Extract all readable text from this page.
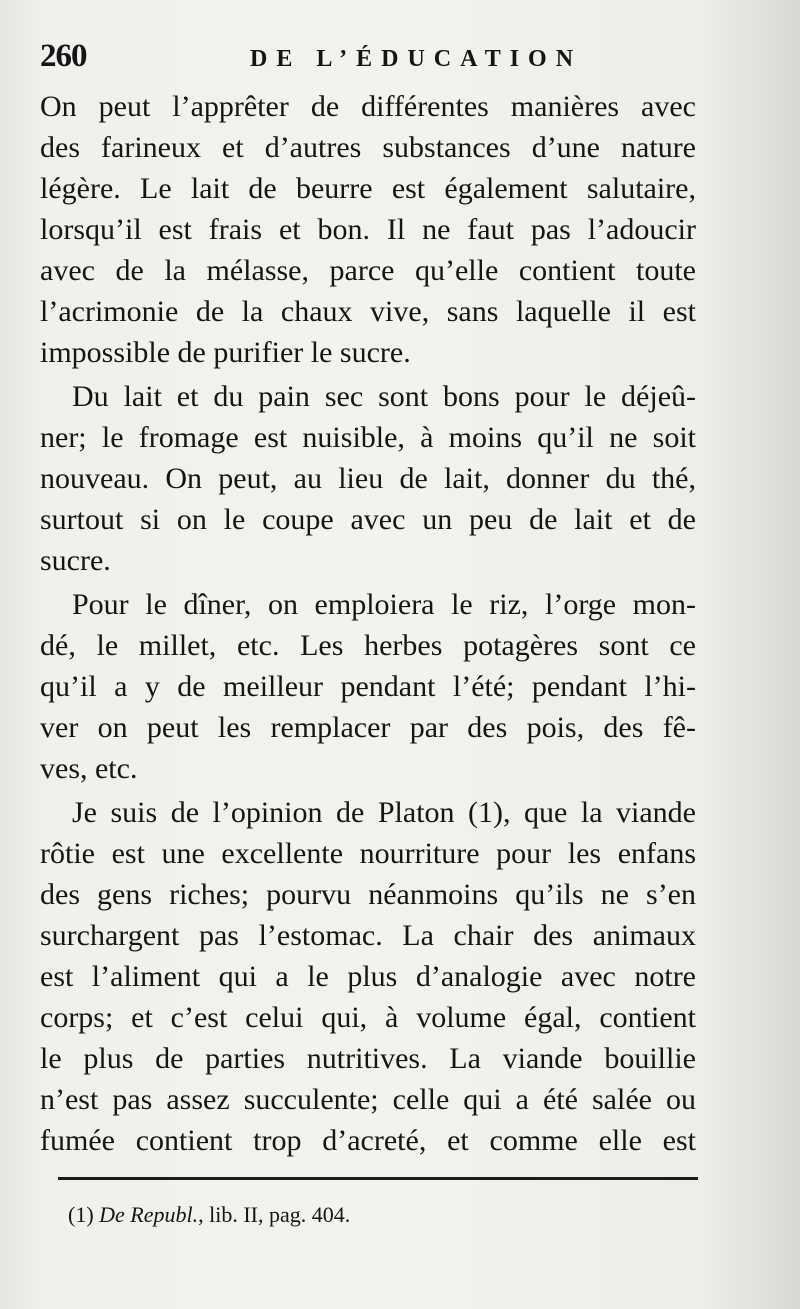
260	DE L’ÉDUCATION
On peut l’apprêter de différentes manières avec
des farineux et d’autres substances d’une nature
légère. Le lait de beurre est également salutaire,
lorsqu’il est frais et bon. Il ne faut pas l’adoucir
avec de la mélasse, parce qu’elle contient toute
l’acrimonie de la chaux vive, sans laquelle il est
impossible de purifier le sucre.
Du lait et du pain sec sont bons pour le déjeû-
ner; le fromage est nuisible, à moins qu’il ne soit
nouveau. On peut, au lieu de lait, donner du thé,
surtout si on le coupe avec un peu de lait et de
sucre.
Pour le dîner, on emploiera le riz, l’orge mon-
dé, le millet, etc. Les herbes potagères sont ce
qu’il a y de meilleur pendant l’été; pendant l’hi-
ver on peut les remplacer par des pois, des fê-
ves, etc.
Je suis de l’opinion de Platon (1), que la viande
rôtie est une excellente nourriture pour les enfans
des gens riches; pourvu néanmoins qu’ils ne s’en
surchargent pas l’estomac. La chair des animaux
est l’aliment qui a le plus d’analogie avec notre
corps; et c’est celui qui, à volume égal, contient
le plus de parties nutritives. La viande bouillie
n’est pas assez succulente; celle qui a été salée ou
fumée contient trop d’acreté, et comme elle est
(1) De Republ., lib. II, pag. 404.
